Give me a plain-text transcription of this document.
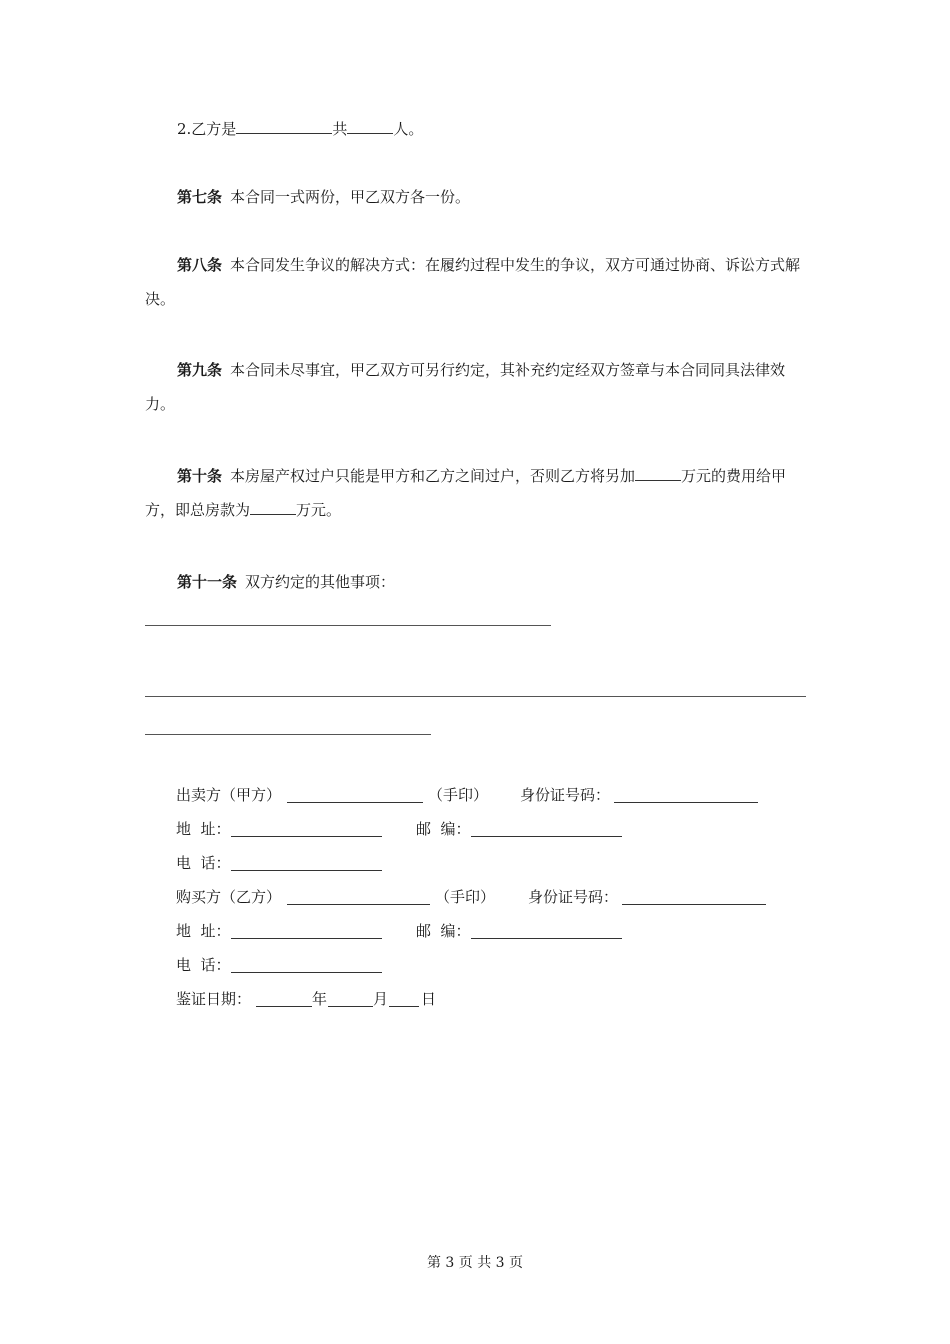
2.乙方是	共	人。

第七条 本合同一式两份，甲乙双方各一份。

第八条 本合同发生争议的解决方式：在履约过程中发生的争议，双方可通过协商、诉讼方式解决。

第九条 本合同未尽事宜，甲乙双方可另行约定，其补充约定经双方签章与本合同同具法律效力。

第十条 本房屋产权过户只能是甲方和乙方之间过户，否则乙方将另加	万元的费用给甲方，即总房款为	万元。

第十一条 双方约定的其他事项：

出卖方（甲方）	（手印） 身份证号码：
地  址：	邮  编：
电  话：
购买方（乙方）	（手印） 身份证号码：
地  址：	邮  编：
电  话：
鉴证日期：	年	月 日
第 3 页 共 3 页
